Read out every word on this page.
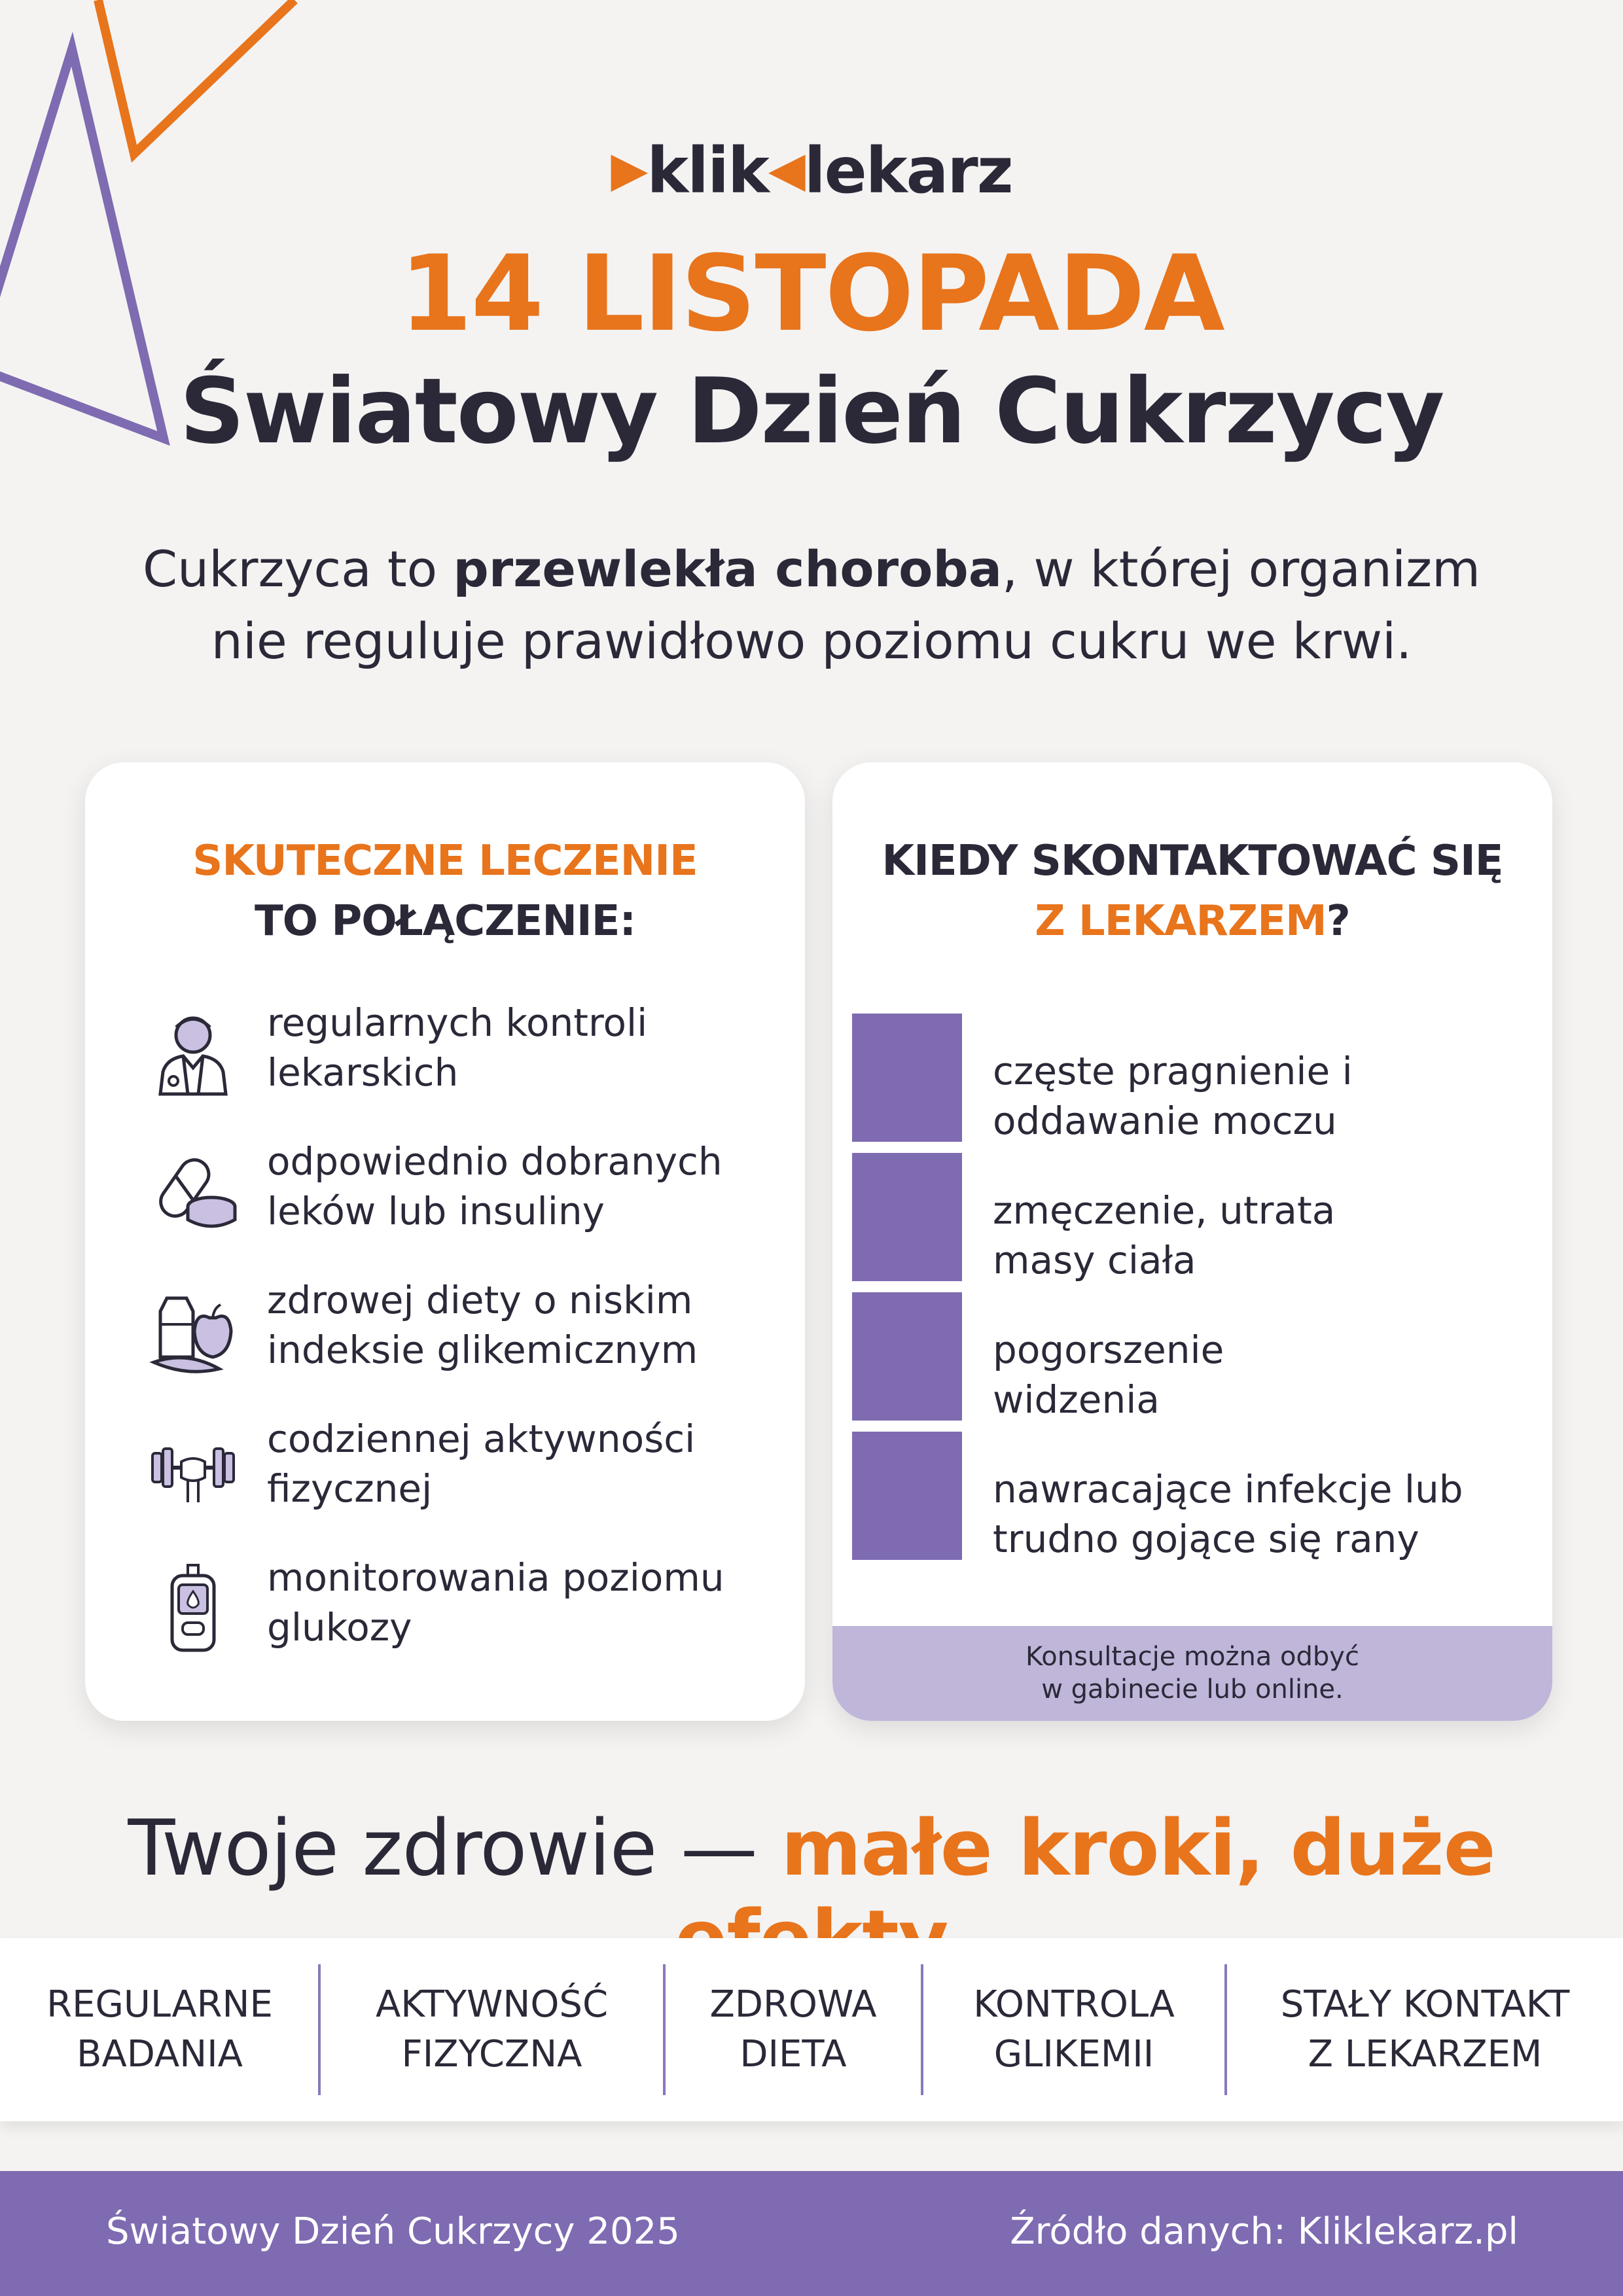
▶klik◀lekarz
14 LISTOPADA
Światowy Dzień Cukrzycy
Cukrzyca to przewlekła choroba, w której organizm
nie reguluje prawidłowo poziomu cukru we krwi.
SKUTECZNE LECZENIE
TO POŁĄCZENIE:
regularnych kontroli
lekarskich
odpowiednio dobranych
leków lub insuliny
zdrowej diety o niskim
indeksie glikemicznym
codziennej aktywności
fizycznej
monitorowania poziomu
glukozy
KIEDY SKONTAKTOWAĆ SIĘ
Z LEKARZEM?
częste pragnienie i
oddawanie moczu
zmęczenie, utrata
masy ciała
pogorszenie
widzenia
nawracające infekcje lub
trudno gojące się rany
Konsultacje można odbyć
w gabinecie lub online.
Twoje zdrowie — małe kroki, duże
REGULARNE
BADANIA
AKTYWNOŚĆ
FIZYCZNA
ZDROWA
DIETA
KONTROLA
GLIKEMII
STAŁY KONTAKT
Z LEKARZEM
Światowy Dzień Cukrzycy 2025	Źródło danych: Kliklekarz.pl
